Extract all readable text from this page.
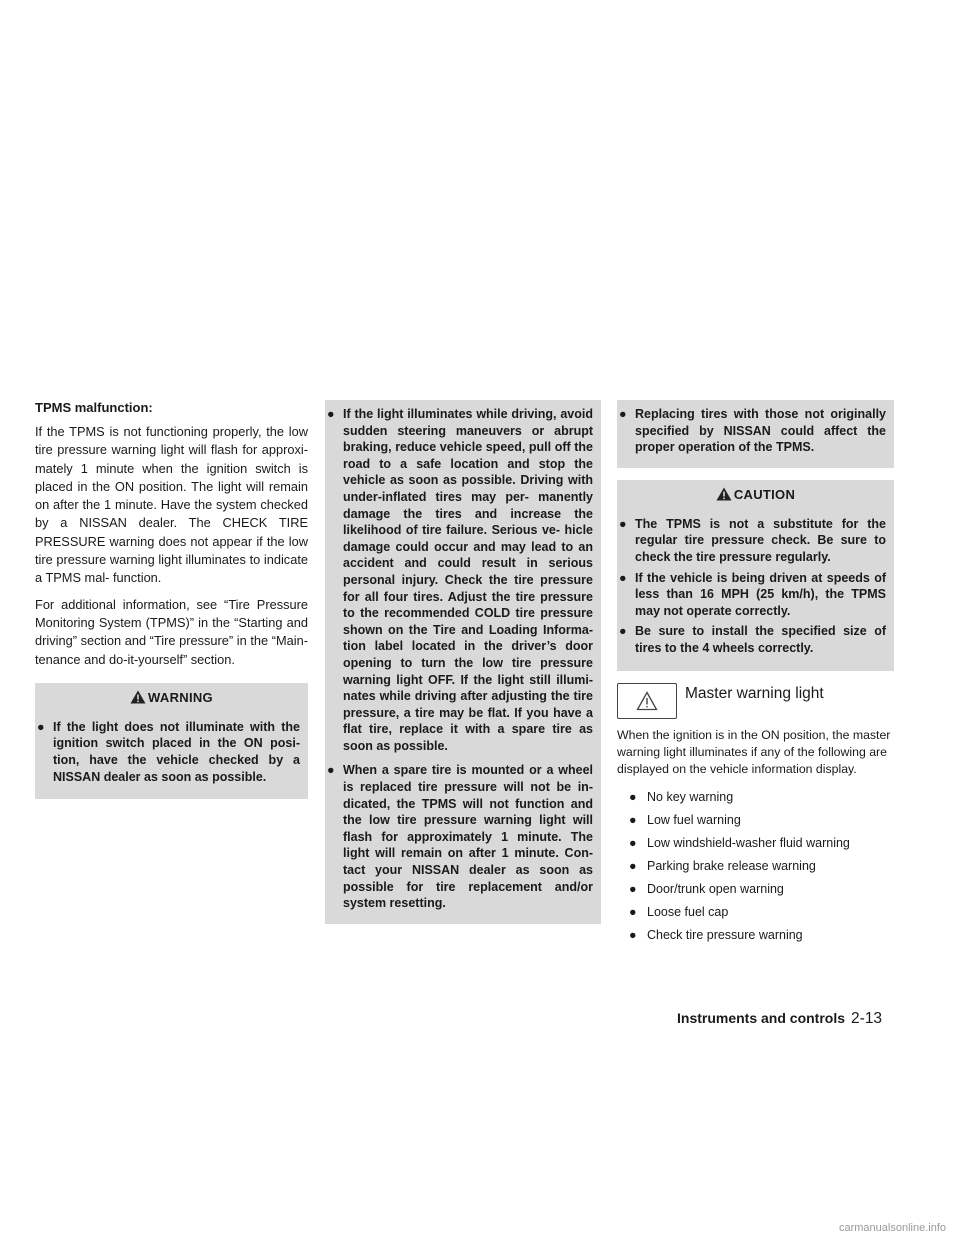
TPMS malfunction:

If the TPMS is not functioning properly, the low tire pressure warning light will flash for approxi- mately 1 minute when the ignition switch is placed in the ON position. The light will remain on after the 1 minute. Have the system checked by a NISSAN dealer. The CHECK TIRE PRESSURE warning does not appear if the low tire pressure warning light illuminates to indicate a TPMS mal- function.

For additional information, see “Tire Pressure Monitoring System (TPMS)” in the “Starting and driving” section and “Tire pressure” in the “Main- tenance and do-it-yourself” section.

WARNING
● If the light does not illuminate with the ignition switch placed in the ON posi- tion, have the vehicle checked by a NISSAN dealer as soon as possible.
● If the light illuminates while driving, avoid sudden steering maneuvers or abrupt braking, reduce vehicle speed, pull off the road to a safe location and stop the vehicle as soon as possible. Driving with under-inflated tires may per- manently damage the tires and increase the likelihood of tire failure. Serious ve- hicle damage could occur and may lead to an accident and could result in serious personal injury. Check the tire pressure for all four tires. Adjust the tire pressure to the recommended COLD tire pressure shown on the Tire and Loading Informa- tion label located in the driver’s door opening to turn the low tire pressure warning light OFF. If the light still illumi- nates while driving after adjusting the tire pressure, a tire may be flat. If you have a flat tire, replace it with a spare tire as soon as possible.
● When a spare tire is mounted or a wheel is replaced tire pressure will not be in- dicated, the TPMS will not function and the low tire pressure warning light will flash for approximately 1 minute. The light will remain on after 1 minute. Con- tact your NISSAN dealer as soon as possible for tire replacement and/or system resetting.
● Replacing tires with those not originally specified by NISSAN could affect the proper operation of the TPMS.
CAUTION
● The TPMS is not a substitute for the regular tire pressure check. Be sure to check the tire pressure regularly.
● If the vehicle is being driven at speeds of less than 16 MPH (25 km/h), the TPMS may not operate correctly.
● Be sure to install the specified size of tires to the 4 wheels correctly.
Master warning light

When the ignition is in the ON position, the master warning light illuminates if any of the following are displayed on the vehicle information display.

● No key warning
● Low fuel warning
● Low windshield-washer fluid warning
● Parking brake release warning
● Door/trunk open warning
● Loose fuel cap
● Check tire pressure warning
Instruments and controls 2-13
carmanualsonline.info
